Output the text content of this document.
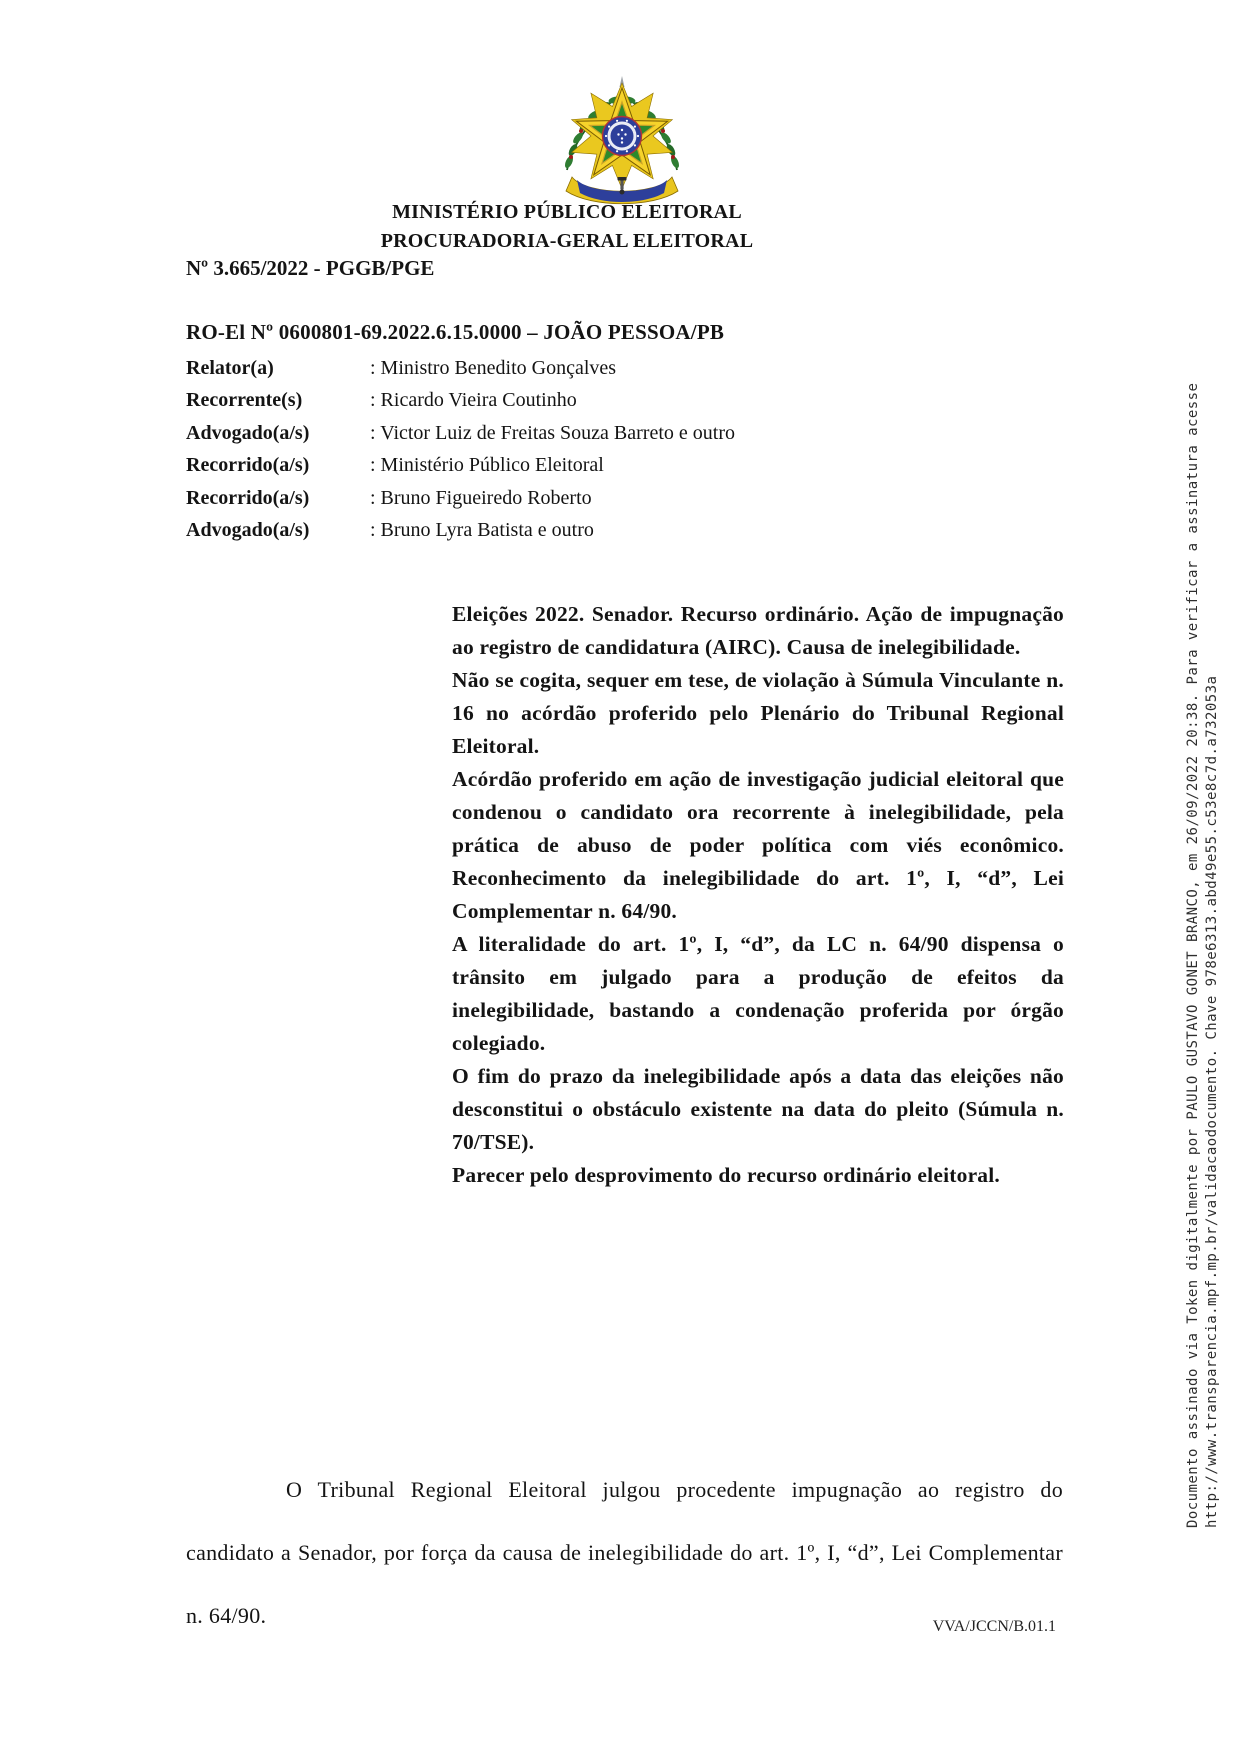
MINISTÉRIO PÚBLICO ELEITORAL
PROCURADORIA-GERAL ELEITORAL
Nº 3.665/2022 - PGGB/PGE
RO-El Nº 0600801-69.2022.6.15.0000 – JOÃO PESSOA/PB
Relator(a)	: Ministro Benedito Gonçalves
Recorrente(s)	: Ricardo Vieira Coutinho
Advogado(a/s)	: Victor Luiz de Freitas Souza Barreto e outro
Recorrido(a/s)	: Ministério Público Eleitoral
Recorrido(a/s)	: Bruno Figueiredo Roberto
Advogado(a/s)	: Bruno Lyra Batista e outro

Eleições 2022. Senador. Recurso ordinário. Ação de impugnação ao registro de candidatura (AIRC). Causa de inelegibilidade.

Não se cogita, sequer em tese, de violação à Súmula Vinculante n. 16 no acórdão proferido pelo Plenário do Tribunal Regional Eleitoral.

Acórdão proferido em ação de investigação judicial eleitoral que condenou o candidato ora recorrente à inelegibilidade, pela prática de abuso de poder política com viés econômico. Reconhecimento da inelegibilidade do art. 1º, I, “d”, Lei Complementar n. 64/90.

A literalidade do art. 1º, I, “d”, da LC n. 64/90 dispensa o trânsito em julgado para a produção de efeitos da inelegibilidade, bastando a condenação proferida por órgão colegiado.

O fim do prazo da inelegibilidade após a data das eleições não desconstitui o obstáculo existente na data do pleito (Súmula n. 70/TSE).

Parecer pelo desprovimento do recurso ordinário eleitoral.

O Tribunal Regional Eleitoral julgou procedente impugnação ao registro do candidato a Senador, por força da causa de inelegibilidade do art. 1º, I, “d”, Lei Complementar n. 64/90.	VVA/JCCN/B.01.1
Documento assinado via Token digitalmente por PAULO GUSTAVO GONET BRANCO, em 26/09/2022 20:38. Para verificar a assinatura acesse http://www.transparencia.mpf.mp.br/validacaodocumento. Chave 978e6313.abd49e55.c53e8c7d.a732053a
